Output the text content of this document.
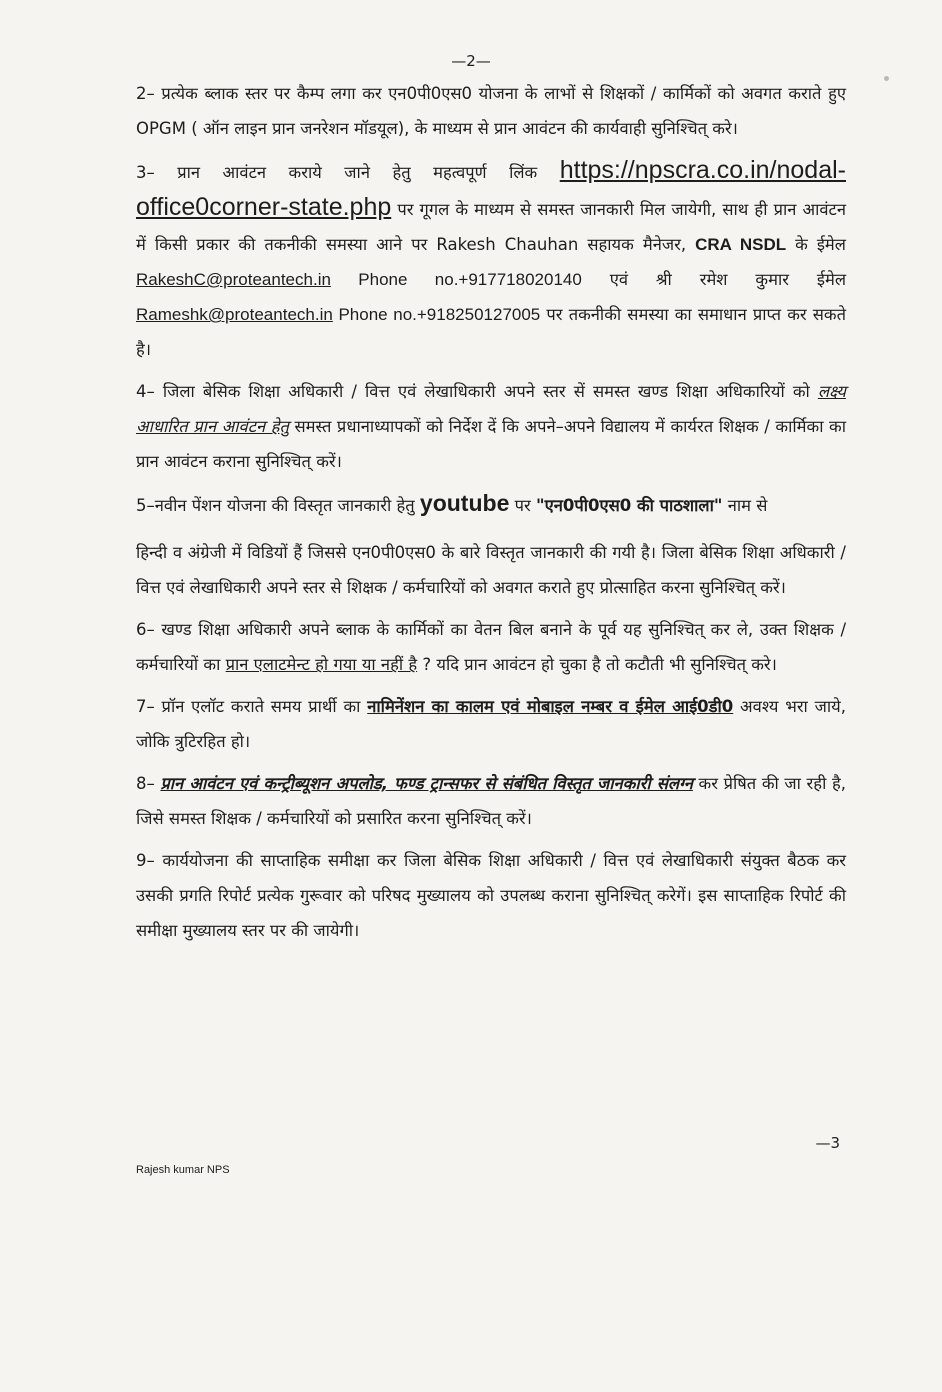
—2—

2– प्रत्येक ब्लाक स्तर पर कैम्प लगा कर एन0पी0एस0 योजना के लाभों से शिक्षकों / कार्मिकों को अवगत कराते हुए OPGM ( ऑन लाइन प्रान जनरेशन मॉडयूल), के माध्यम से प्रान आवंटन की कार्यवाही सुनिश्चित् करे।

3– प्रान आवंटन कराये जाने हेतु महत्वपूर्ण लिंक https://npscra.co.in/nodal-office0corner-state.php पर गूगल के माध्यम से समस्त जानकारी मिल जायेगी, साथ ही प्रान आवंटन में किसी प्रकार की तकनीकी समस्या आने पर Rakesh Chauhan सहायक मैनेजर, CRA NSDL के ईमेल RakeshC@proteantech.in Phone no.+917718020140 एवं श्री रमेश कुमार ईमेल Rameshk@proteantech.in Phone no.+918250127005 पर तकनीकी समस्या का समाधान प्राप्त कर सकते है।

4– जिला बेसिक शिक्षा अधिकारी / वित्त एवं लेखाधिकारी अपने स्तर सें समस्त खण्ड शिक्षा अधिकारियों को लक्ष्य आधारित प्रान आवंटन हेतु समस्त प्रधानाध्यापकों को निर्देश दें कि अपने–अपने विद्यालय में कार्यरत शिक्षक / कार्मिका का प्रान आवंटन कराना सुनिश्चित् करें।

5–नवीन पेंशन योजना की विस्तृत जानकारी हेतु youtube पर "एन0पी0एस0 की पाठशाला" नाम से

हिन्दी व अंग्रेजी में विडियों हैं जिससे एन0पी0एस0 के बारे विस्तृत जानकारी की गयी है। जिला बेसिक शिक्षा अधिकारी / वित्त एवं लेखाधिकारी अपने स्तर से शिक्षक / कर्मचारियों को अवगत कराते हुए प्रोत्साहित करना सुनिश्चित् करें।

6– खण्ड शिक्षा अधिकारी अपने ब्लाक के कार्मिकों का वेतन बिल बनाने के पूर्व यह सुनिश्चित् कर ले, उक्त शिक्षक / कर्मचारियों का प्रान एलाटमेन्ट हो गया या नहीं है ? यदि प्रान आवंटन हो चुका है तो कटौती भी सुनिश्चित् करे।

7– प्रॉन एलॉट कराते समय प्रार्थी का नामिनेंशन का कालम एवं मोबाइल नम्बर व ईमेल आई0डी0 अवश्य भरा जाये, जोकि त्रुटिरहित हो।

8– प्रान आवंटन एवं कन्ट्रीब्यूशन अपलोड, फण्ड ट्रान्सफर से संबंधित विस्तृत जानकारी संलग्न कर प्रेषित की जा रही है, जिसे समस्त शिक्षक / कर्मचारियों को प्रसारित करना सुनिश्चित् करें।

9– कार्ययोजना की साप्ताहिक समीक्षा कर जिला बेसिक शिक्षा अधिकारी / वित्त एवं लेखाधिकारी संयुक्त बैठक कर उसकी प्रगति रिपोर्ट प्रत्येक गुरूवार को परिषद मुख्यालय को उपलब्ध कराना सुनिश्चित् करेगें। इस साप्ताहिक रिपोर्ट की समीक्षा मुख्यालय स्तर पर की जायेगी।

—3
Rajesh kumar NPS
